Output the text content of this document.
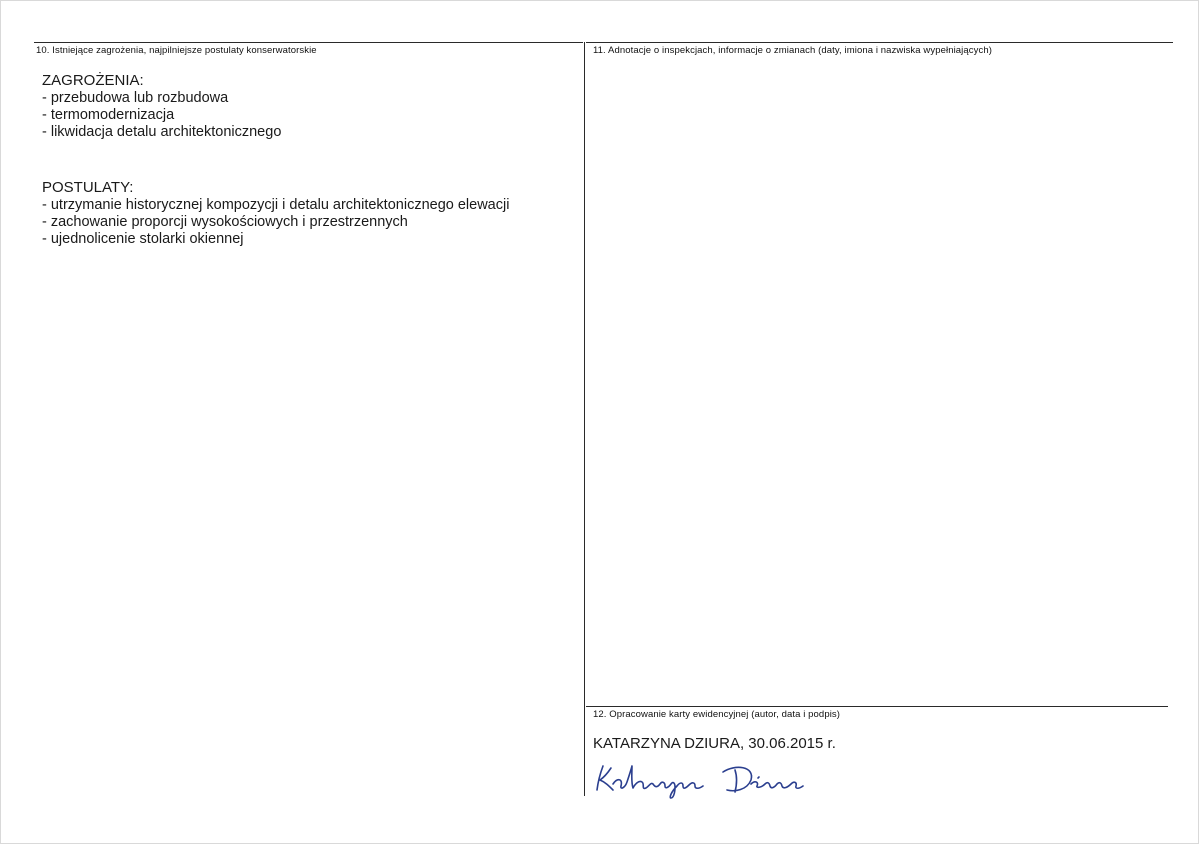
10. Istniejące zagrożenia, najpilniejsze postulaty konserwatorskie
ZAGROŻENIA:
- przebudowa lub rozbudowa
- termomodernizacja
- likwidacja detalu architektonicznego
POSTULATY:
- utrzymanie historycznej kompozycji i detalu architektonicznego elewacji
- zachowanie proporcji wysokościowych i przestrzennych
- ujednolicenie stolarki okiennej
11. Adnotacje o inspekcjach, informacje o zmianach (daty, imiona i nazwiska wypełniających)
12. Opracowanie karty ewidencyjnej (autor, data i podpis)
KATARZYNA DZIURA, 30.06.2015 r.
